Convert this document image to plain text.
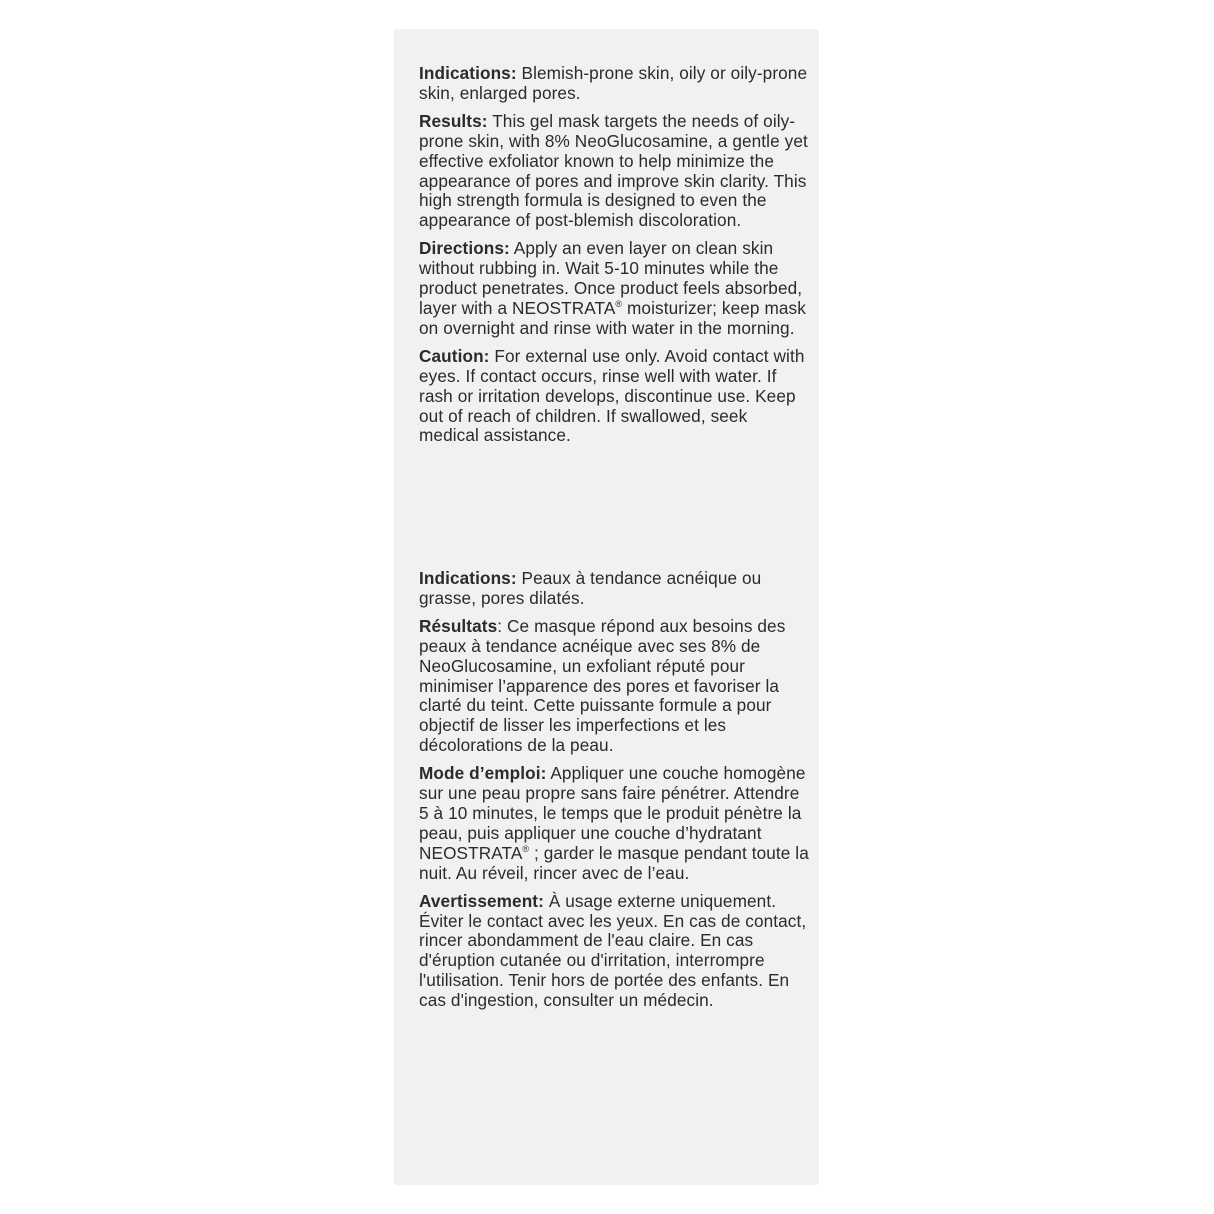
Indications: Blemish-prone skin, oily or oily-prone skin, enlarged pores.

Results: This gel mask targets the needs of oily-prone skin, with 8% NeoGlucosamine, a gentle yet effective exfoliator known to help minimize the appearance of pores and improve skin clarity. This high strength formula is designed to even the appearance of post-blemish discoloration.

Directions: Apply an even layer on clean skin without rubbing in. Wait 5-10 minutes while the product penetrates. Once product feels absorbed, layer with a NEOSTRATA® moisturizer; keep mask on overnight and rinse with water in the morning.

Caution: For external use only. Avoid contact with eyes. If contact occurs, rinse well with water. If rash or irritation develops, discontinue use. Keep out of reach of children. If swallowed, seek medical assistance.

Indications: Peaux à tendance acnéique ou grasse, pores dilatés.

Résultats: Ce masque répond aux besoins des peaux à tendance acnéique avec ses 8% de NeoGlucosamine, un exfoliant réputé pour minimiser l’apparence des pores et favoriser la clarté du teint. Cette puissante formule a pour objectif de lisser les imperfections et les décolorations de la peau.

Mode d’emploi: Appliquer une couche homogène sur une peau propre sans faire pénétrer. Attendre 5 à 10 minutes, le temps que le produit pénètre la peau, puis appliquer une couche d’hydratant NEOSTRATA® ; garder le masque pendant toute la nuit. Au réveil, rincer avec de l’eau.

Avertissement: À usage externe uniquement. Éviter le contact avec les yeux. En cas de contact, rincer abondamment de l'eau claire. En cas d'éruption cutanée ou d'irritation, interrompre l'utilisation. Tenir hors de portée des enfants. En cas d'ingestion, consulter un médecin.
